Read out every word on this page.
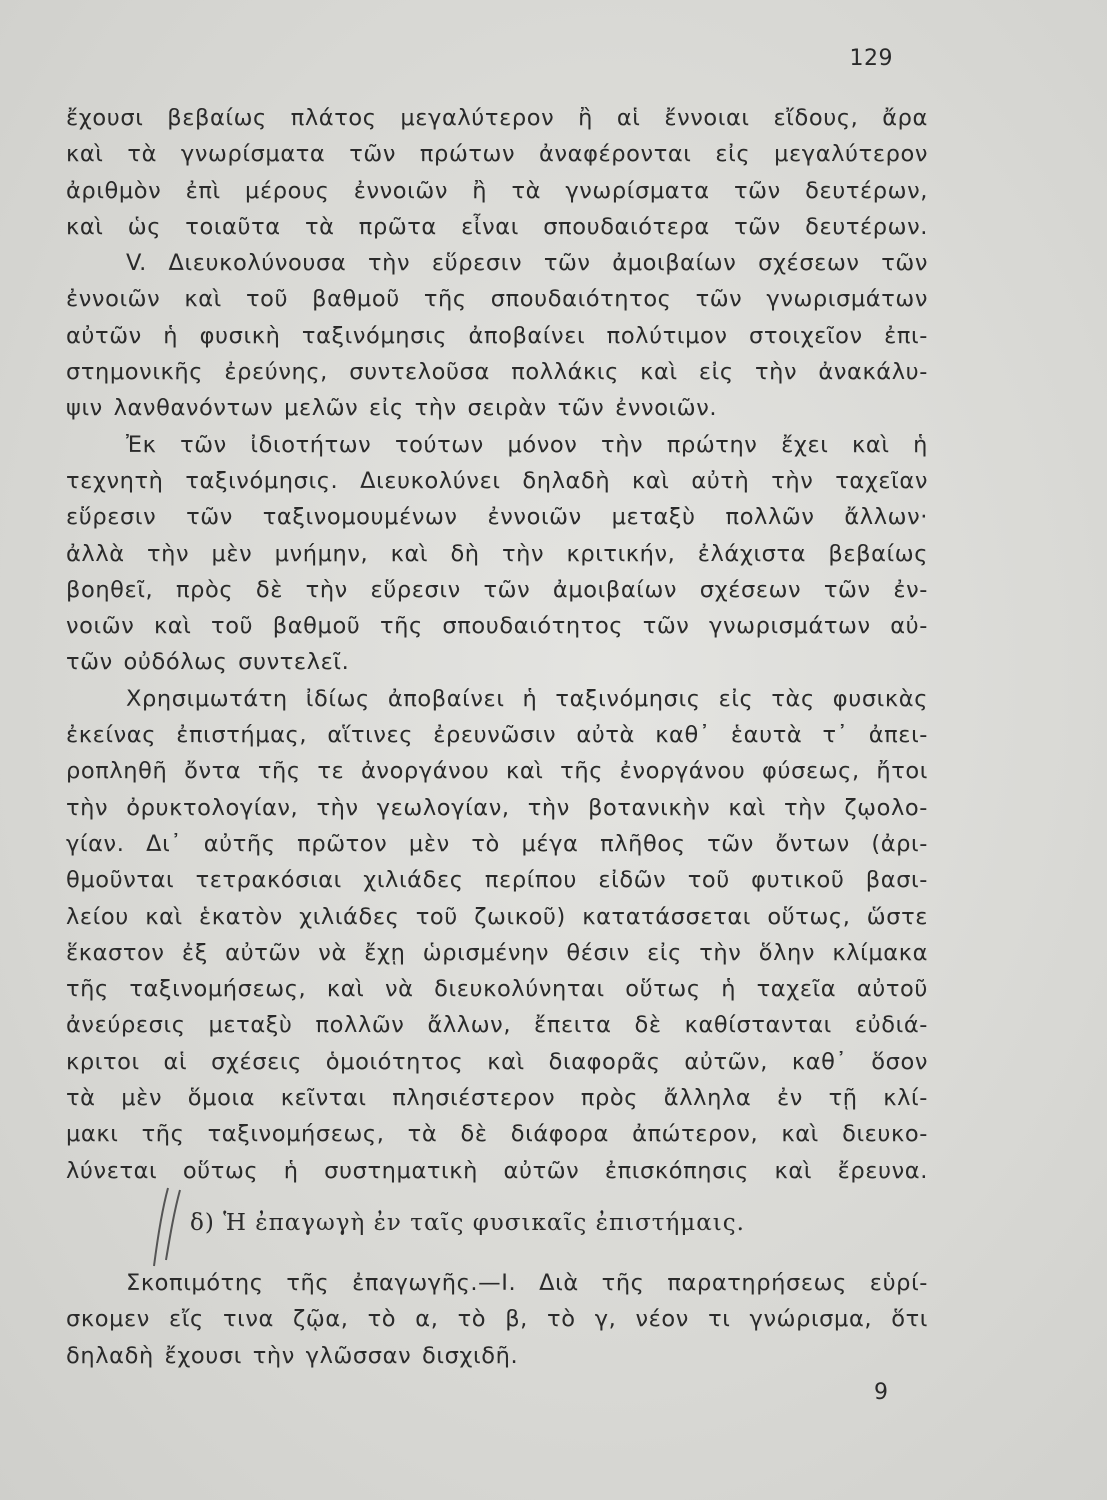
129
ἔχουσι βεβαίως πλάτος μεγαλύτερον ἢ αἱ ἔννοιαι εἴδους, ἄρα
καὶ τὰ γνωρίσματα τῶν πρώτων ἀναφέρονται εἰς μεγαλύτερον
ἀριθμὸν ἐπὶ μέρους ἐννοιῶν ἢ τὰ γνωρίσματα τῶν δευτέρων,
καὶ ὡς τοιαῦτα τὰ πρῶτα εἶναι σπουδαιότερα τῶν δευτέρων.
V. Διευκολύνουσα τὴν εὕρεσιν τῶν ἀμοιβαίων σχέσεων τῶν
ἐννοιῶν καὶ τοῦ βαθμοῦ τῆς σπουδαιότητος τῶν γνωρισμάτων
αὐτῶν ἡ φυσικὴ ταξινόμησις ἀποβαίνει πολύτιμον στοιχεῖον ἐπι-
στημονικῆς ἐρεύνης, συντελοῦσα πολλάκις καὶ εἰς τὴν ἀνακάλυ-
ψιν λανθανόντων μελῶν εἰς τὴν σειρὰν τῶν ἐννοιῶν.
Ἐκ τῶν ἰδιοτήτων τούτων μόνον τὴν πρώτην ἔχει καὶ ἡ
τεχνητὴ ταξινόμησις. Διευκολύνει δηλαδὴ καὶ αὐτὴ τὴν ταχεῖαν
εὕρεσιν τῶν ταξινομουμένων ἐννοιῶν μεταξὺ πολλῶν ἄλλων·
ἀλλὰ τὴν μὲν μνήμην, καὶ δὴ τὴν κριτικήν, ἐλάχιστα βεβαίως
βοηθεῖ, πρὸς δὲ τὴν εὕρεσιν τῶν ἀμοιβαίων σχέσεων τῶν ἐν-
νοιῶν καὶ τοῦ βαθμοῦ τῆς σπουδαιότητος τῶν γνωρισμάτων αὐ-
τῶν οὐδόλως συντελεῖ.
Χρησιμωτάτη ἰδίως ἀποβαίνει ἡ ταξινόμησις εἰς τὰς φυσικὰς
ἐκείνας ἐπιστήμας, αἵτινες ἐρευνῶσιν αὐτὰ καθ᾽ ἑαυτὰ τ᾽ ἀπει-
ροπληθῆ ὄντα τῆς τε ἀνοργάνου καὶ τῆς ἐνοργάνου φύσεως, ἤτοι
τὴν ὀρυκτολογίαν, τὴν γεωλογίαν, τὴν βοτανικὴν καὶ τὴν ζῳολο-
γίαν. Δι᾽ αὐτῆς πρῶτον μὲν τὸ μέγα πλῆθος τῶν ὄντων (ἀρι-
θμοῦνται τετρακόσιαι χιλιάδες περίπου εἰδῶν τοῦ φυτικοῦ βασι-
λείου καὶ ἑκατὸν χιλιάδες τοῦ ζωικοῦ) κατατάσσεται οὕτως, ὥστε
ἕκαστον ἐξ αὐτῶν νὰ ἔχῃ ὡρισμένην θέσιν εἰς τὴν ὅλην κλίμακα
τῆς ταξινομήσεως, καὶ νὰ διευκολύνηται οὕτως ἡ ταχεῖα αὐτοῦ
ἀνεύρεσις μεταξὺ πολλῶν ἄλλων, ἔπειτα δὲ καθίστανται εὐδιά-
κριτοι αἱ σχέσεις ὁμοιότητος καὶ διαφορᾶς αὐτῶν, καθ᾽ ὅσον
τὰ μὲν ὅμοια κεῖνται πλησιέστερον πρὸς ἄλληλα ἐν τῇ κλί-
μακι τῆς ταξινομήσεως, τὰ δὲ διάφορα ἀπώτερον, καὶ διευκο-
λύνεται οὕτως ἡ συστηματικὴ αὐτῶν ἐπισκόπησις καὶ ἔρευνα.
δ) Ἡ ἐπαγωγὴ ἐν ταῖς φυσικαῖς ἐπιστήμαις.
Σκοπιμότης τῆς ἐπαγωγῆς.—Ι. Διὰ τῆς παρατηρήσεως εὑρί-
σκομεν εἴς τινα ζῷα, τὸ α, τὸ β, τὸ γ, νέον τι γνώρισμα, ὅτι
δηλαδὴ ἔχουσι τὴν γλῶσσαν δισχιδῆ.
9
